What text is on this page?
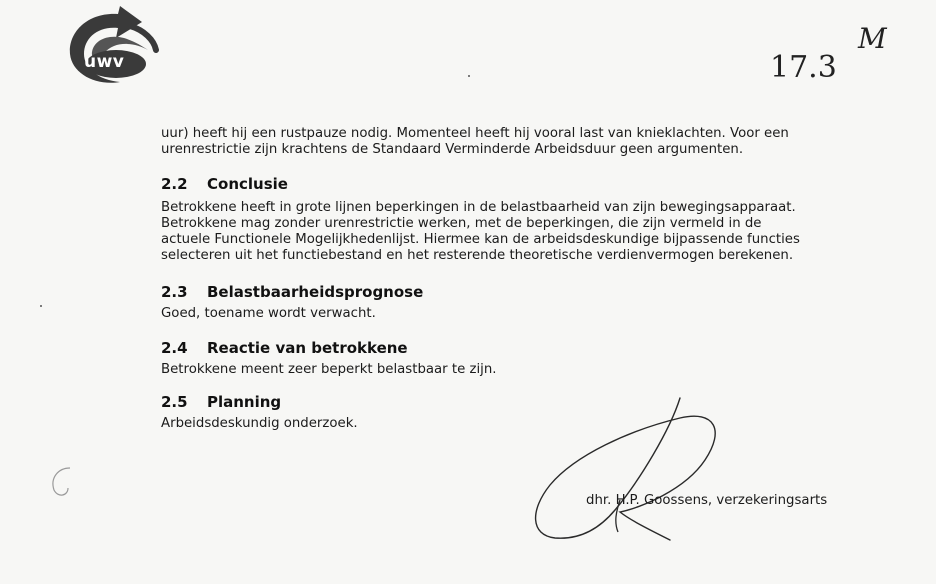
uwv	17.3
M

uur) heeft hij een rustpauze nodig. Momenteel heeft hij vooral last van knieklachten. Voor een
urenrestrictie zijn krachtens de Standaard Verminderde Arbeidsduur geen argumenten.

2.2 Conclusie

Betrokkene heeft in grote lijnen beperkingen in de belastbaarheid van zijn bewegingsapparaat.
Betrokkene mag zonder urenrestrictie werken, met de beperkingen, die zijn vermeld in de
actuele Functionele Mogelijkhedenlijst. Hiermee kan de arbeidsdeskundige bijpassende functies
selecteren uit het functiebestand en het resterende theoretische verdienvermogen berekenen.

2.3 Belastbaarheidsprognose

Goed, toename wordt verwacht.

2.4 Reactie van betrokkene

Betrokkene meent zeer beperkt belastbaar te zijn.

2.5 Planning

Arbeidsdeskundig onderzoek.

dhr. H.P. Goossens, verzekeringsarts
